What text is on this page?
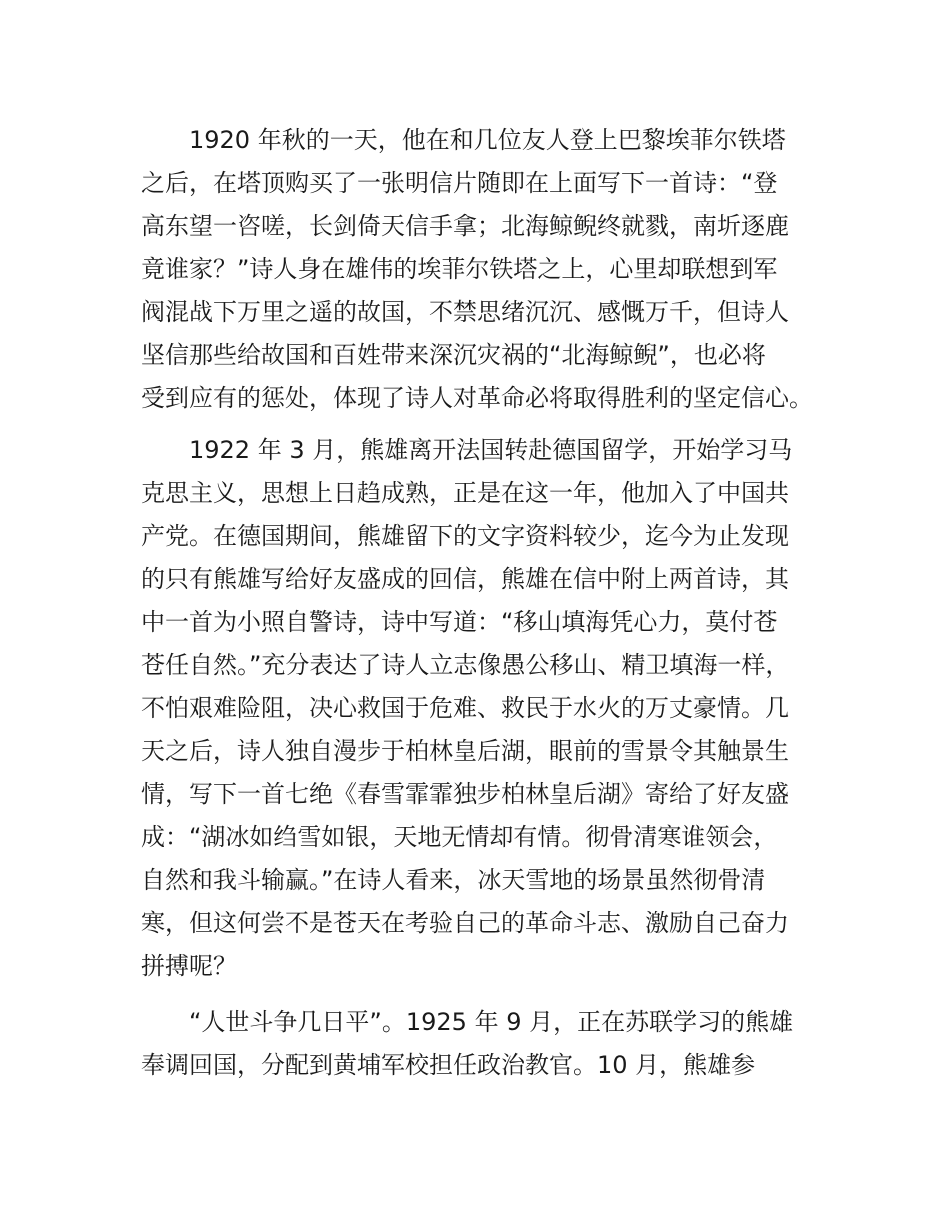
1920 年秋的一天，他在和几位友人登上巴黎埃菲尔铁塔
之后，在塔顶购买了一张明信片随即在上面写下一首诗：“登
高东望一咨嗟，长剑倚天信手拿；北海鲸鲵终就戮，南圻逐鹿
竟谁家？”诗人身在雄伟的埃菲尔铁塔之上，心里却联想到军
阀混战下万里之遥的故国，不禁思绪沉沉、感慨万千，但诗人
坚信那些给故国和百姓带来深沉灾祸的“北海鲸鲵”，也必将
受到应有的惩处，体现了诗人对革命必将取得胜利的坚定信心。
1922 年 3 月，熊雄离开法国转赴德国留学，开始学习马
克思主义，思想上日趋成熟，正是在这一年，他加入了中国共
产党。在德国期间，熊雄留下的文字资料较少，迄今为止发现
的只有熊雄写给好友盛成的回信，熊雄在信中附上两首诗，其
中一首为小照自警诗，诗中写道：“移山填海凭心力，莫付苍
苍任自然。”充分表达了诗人立志像愚公移山、精卫填海一样，
不怕艰难险阻，决心救国于危难、救民于水火的万丈豪情。几
天之后，诗人独自漫步于柏林皇后湖，眼前的雪景令其触景生
情，写下一首七绝《春雪霏霏独步柏林皇后湖》寄给了好友盛
成：“湖冰如绉雪如银，天地无情却有情。彻骨清寒谁领会，
自然和我斗输赢。”在诗人看来，冰天雪地的场景虽然彻骨清
寒，但这何尝不是苍天在考验自己的革命斗志、激励自己奋力
拼搏呢？
“人世斗争几日平”。1925 年 9 月，正在苏联学习的熊雄
奉调回国，分配到黄埔军校担任政治教官。10 月，熊雄参
